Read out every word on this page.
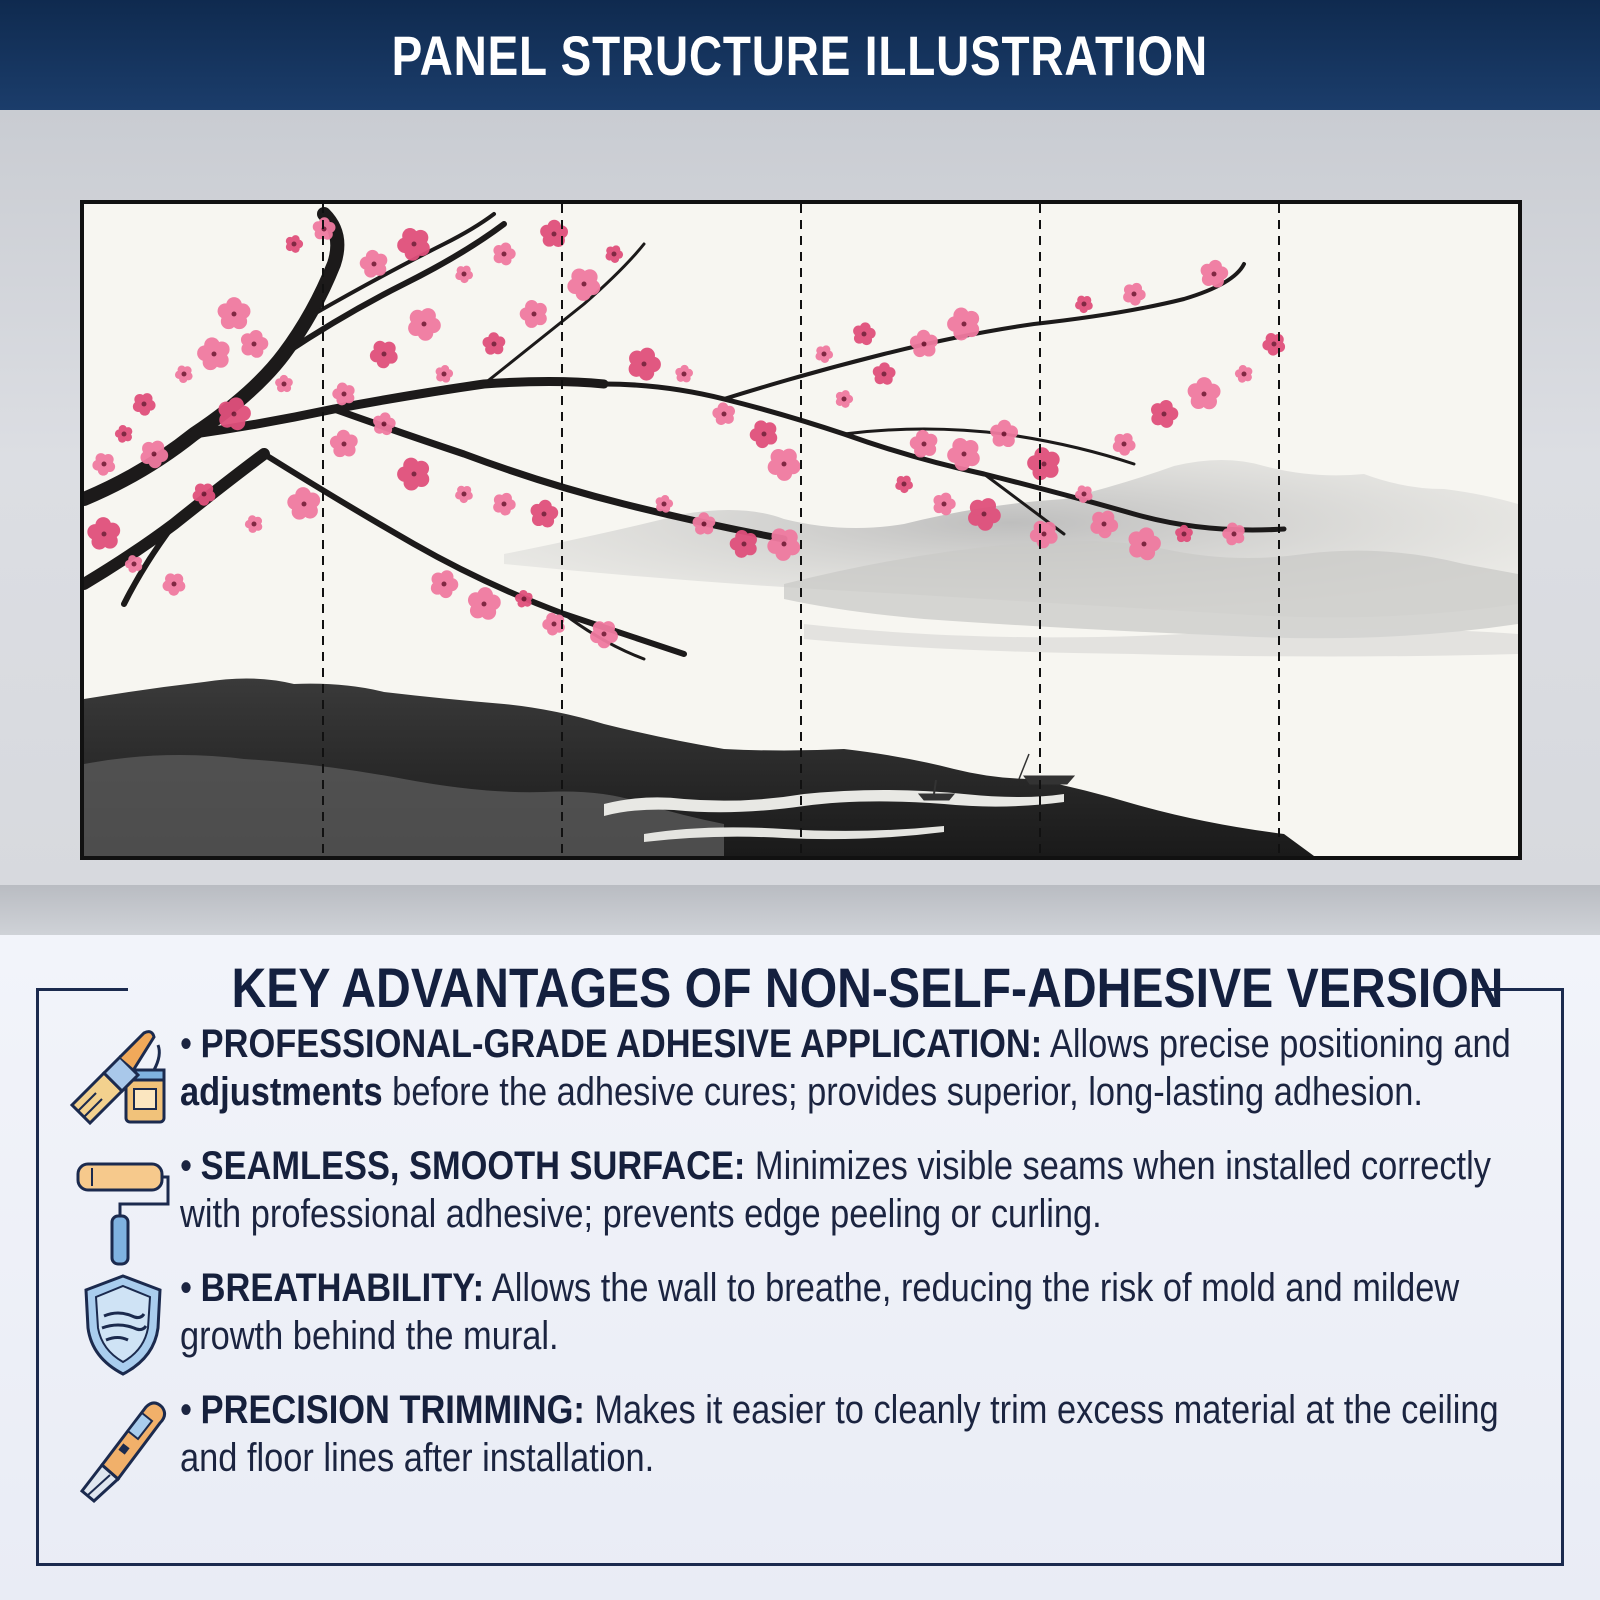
PANEL STRUCTURE ILLUSTRATION
KEY ADVANTAGES OF NON-SELF-ADHESIVE VERSION
• PROFESSIONAL-GRADE ADHESIVE APPLICATION: Allows precise positioning and adjustments before the adhesive cures; provides superior, long-lasting adhesion.
• SEAMLESS, SMOOTH SURFACE: Minimizes visible seams when installed correctly with professional adhesive; prevents edge peeling or curling.
• BREATHABILITY: Allows the wall to breathe, reducing the risk of mold and mildew growth behind the mural.
• PRECISION TRIMMING: Makes it easier to cleanly trim excess material at the ceiling and floor lines after installation.
